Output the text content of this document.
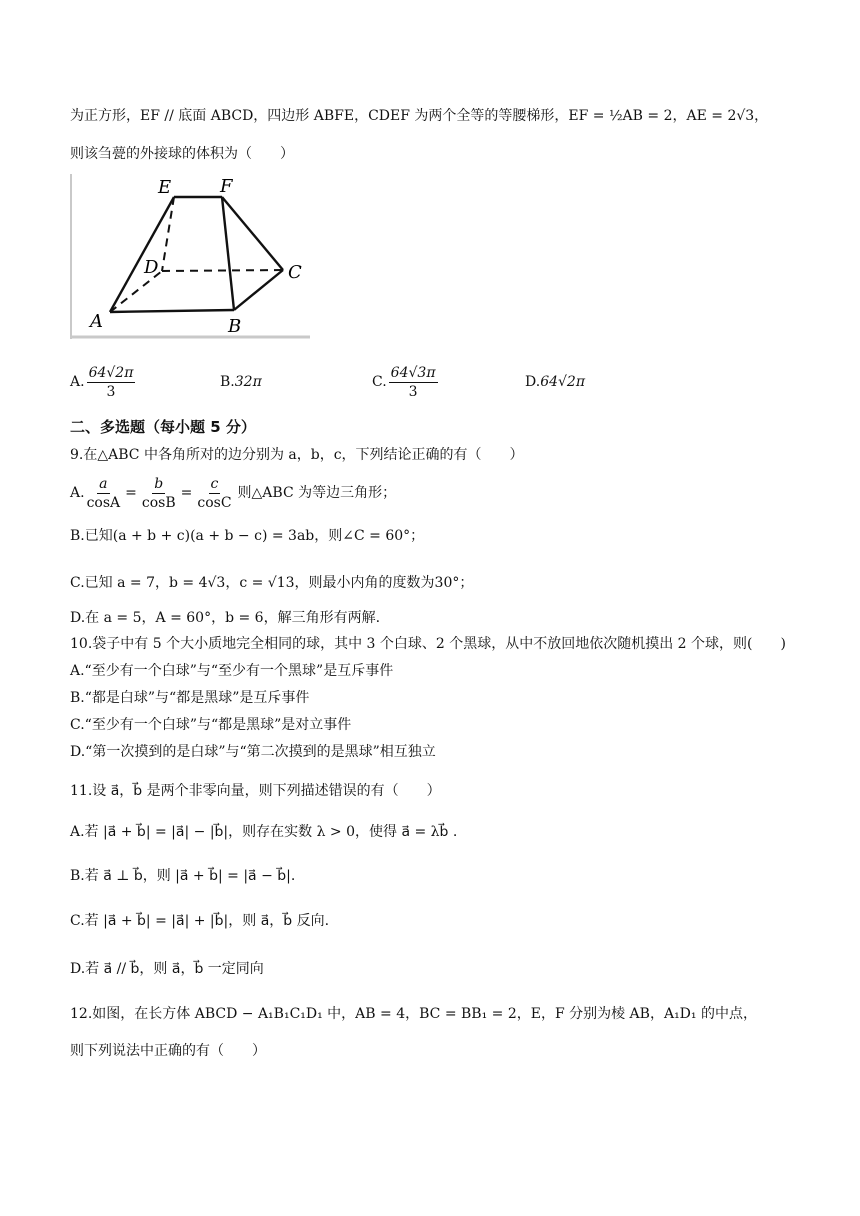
为正方形，EF // 底面 ABCD，四边形 ABFE，CDEF 为两个全等的等腰梯形，EF = ½AB = 2，AE = 2√3，
则该刍甍的外接球的体积为（　　）
E	F
D	C
A	B
A. $\frac{64√2\pi}{3}$	B. 32π	C. $\frac{64√3\pi}{3}$	D. 64√2π
二、多选题（每小题 5 分）
9.在△ABC 中各角所对的边分别为 a，b，c，下列结论正确的有（　　）
A. $\frac{a}{\cos A} = \frac{b}{\cos B} = \frac{c}{\cos C}$ 则△ABC 为等边三角形；
B.已知(a + b + c)(a + b − c) = 3ab，则∠C = 60°；
C.已知 a = 7，b = 4√3，c = √13，则最小内角的度数为30°；
D.在 a = 5，A = 60°，b = 6，解三角形有两解.
10.袋子中有 5 个大小质地完全相同的球，其中 3 个白球、2 个黑球，从中不放回地依次随机摸出 2 个球，则(　　)
A.“至少有一个白球”与“至少有一个黑球”是互斥事件
B.“都是白球”与“都是黑球”是互斥事件
C.“至少有一个白球”与“都是黑球”是对立事件
D.“第一次摸到的是白球”与“第二次摸到的是黑球”相互独立
11.设 a⃗，b⃗ 是两个非零向量，则下列描述错误的有（　　）
A.若 |a⃗ + b⃗| = |a⃗| − |b⃗|，则存在实数 λ > 0，使得 a⃗ = λb⃗ .
B.若 a⃗ ⊥ b⃗，则 |a⃗ + b⃗| = |a⃗ − b⃗|.
C.若 |a⃗ + b⃗| = |a⃗| + |b⃗|，则 a⃗，b⃗ 反向.
D.若 a⃗ // b⃗，则 a⃗，b⃗ 一定同向
12.如图，在长方体 ABCD − A₁B₁C₁D₁ 中，AB = 4，BC = BB₁ = 2，E，F 分别为棱 AB，A₁D₁ 的中点，
则下列说法中正确的有（　　）
